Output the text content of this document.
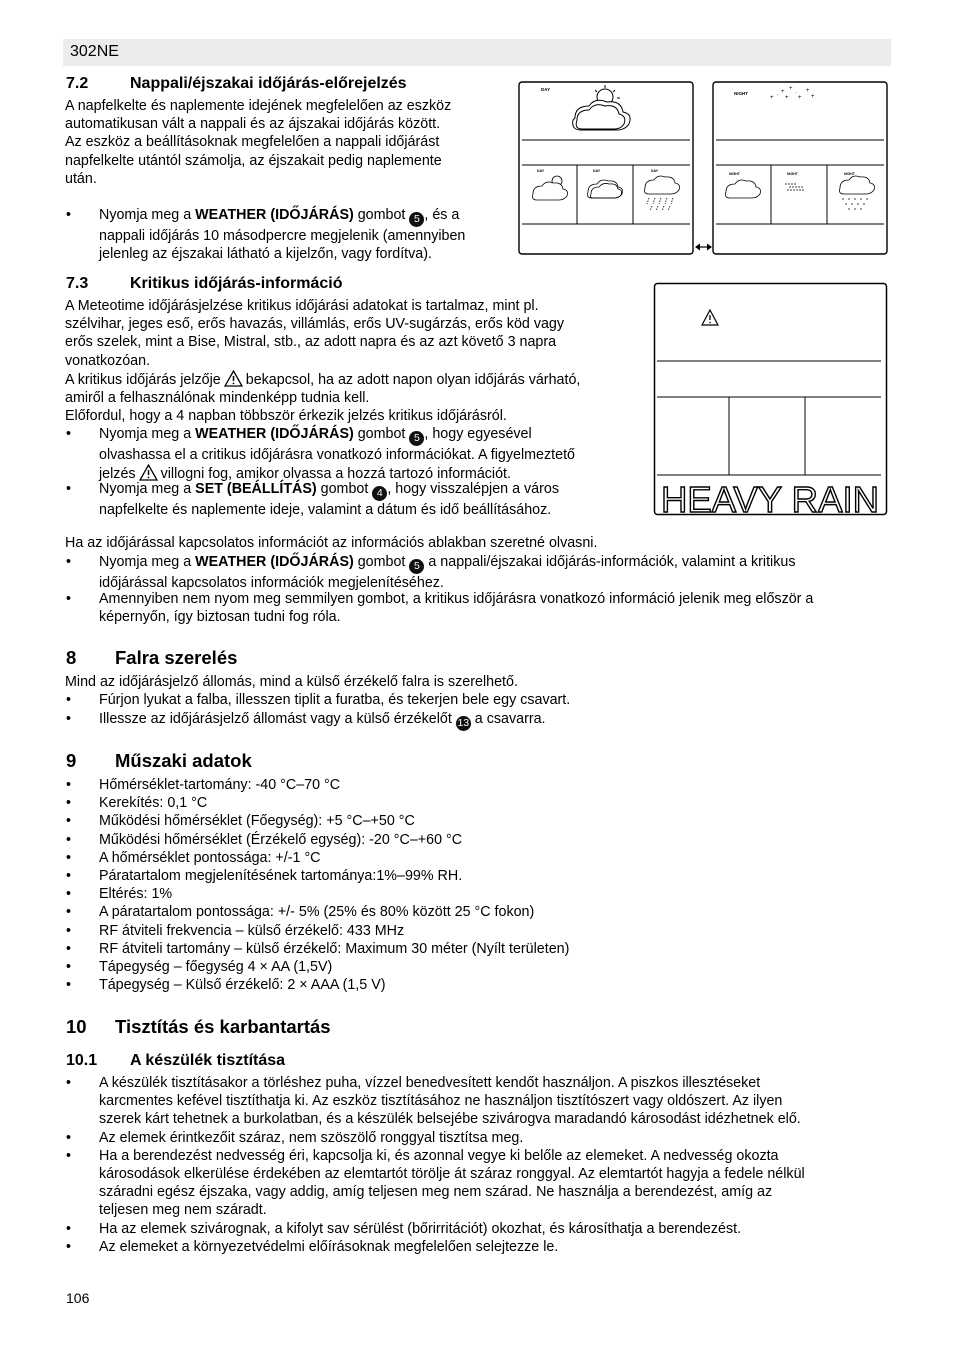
302NE
7.2	Nappali/éjszakai időjárás-előrejelzés
A napfelkelte és naplemente idejének megfelelően az eszköz
automatikusan vált a nappali és az ájszakai időjárás között.
Az eszköz a beállításoknak megfelelően a nappali időjárást
napfelkelte utántól számolja, az éjszakait pedig naplemente
után.
• Nyomja meg a WEATHER (IDŐJÁRÁS) gombot 5 , és a
nappali időjárás 10 másodpercre megjelenik (amennyiben
jelenleg az éjszakai látható a kijelzőn, vagy fordítva).
DAY
DAY	DAY	DAY
NIGHT
+ · + +
·
+
+
+
+
NIGHT	NIGHT	NIGHT
7.3	Kritikus időjárás-információ
A Meteotime időjárásjelzése kritikus időjárási adatokat is tartalmaz, mint pl.
szélvihar, jeges eső, erős havazás, villámlás, erős UV-sugárzás, erős köd vagy
erős szelek, mint a Bise, Mistral, stb., az adott napra és az azt követő 3 napra
vonatkozóan.
A kritikus időjárás jelzője bekapcsol, ha az adott napon olyan időjárás várható,
amiről a felhasználónak mindenképp tudnia kell.
Előfordul, hogy a 4 napban többször érkezik jelzés kritikus időjárásról.
• Nyomja meg a WEATHER (IDŐJÁRÁS) gombot 5 , hogy egyesével
olvashassa el a critikus időjárásra vonatkozó információkat. A figyelmeztető
jelzés villogni fog, amikor olvassa a hozzá tartozó információt.
• Nyomja meg a SET (BEÁLLÍTÁS) gombot 4 , hogy visszalépjen a város
napfelkelte és naplemente ideje, valamint a dátum és idő beállításához.	HEAVY RAIN
Ha az időjárással kapcsolatos információt az információs ablakban szeretné olvasni.
• Nyomja meg a WEATHER (IDŐJÁRÁS) gombot 5 a nappali/éjszakai időjárás-információk, valamint a kritikus
időjárással kapcsolatos információk megjelenítéséhez.
• Amennyiben nem nyom meg semmilyen gombot, a kritikus időjárásra vonatkozó információ jelenik meg először a
képernyőn, így biztosan tudni fog róla.
8 Falra szerelés
Mind az időjárásjelző állomás, mind a külső érzékelő falra is szerelhető.
• Fúrjon lyukat a falba, illesszen tiplit a furatba, és tekerjen bele egy csavart.
• Illessze az időjárásjelző állomást vagy a külső érzékelőt 13 a csavarra.
9 Műszaki adatok
• Hőmérséklet-tartomány: -40 °C–70 °C
• Kerekítés: 0,1 °C
• Működési hőmérséklet (Főegység): +5 °C–+50 °C
• Működési hőmérséklet (Érzékelő egység): -20 °C–+60 °C
• A hőmérséklet pontossága: +/-1 °C
• Páratartalom megjelenítésének tartománya:1%–99% RH.
• Eltérés: 1%
• A páratartalom pontossága: +/- 5% (25% és 80% között 25 °C fokon)
• RF átviteli frekvencia – külső érzékelő: 433 MHz
• RF átviteli tartomány – külső érzékelő: Maximum 30 méter (Nyílt területen)
• Tápegység – főegység 4 × AA (1,5V)
• Tápegység – Külső érzékelő: 2 × AAA (1,5 V)
10 Tisztítás és karbantartás
10.1 A készülék tisztítása
• A készülék tisztításakor a törléshez puha, vízzel benedvesített kendőt használjon. A piszkos illesztéseket
karcmentes kefével tisztíthatja ki. Az eszköz tisztításához ne használjon tisztítószert vagy oldószert. Az ilyen
szerek kárt tehetnek a burkolatban, és a készülék belsejébe szivárogva maradandó károsodást idézhetnek elő.
• Az elemek érintkezőit száraz, nem szöszölő ronggyal tisztítsa meg.
• Ha a berendezést nedvesség éri, kapcsolja ki, és azonnal vegye ki belőle az elemeket. A nedvesség okozta
károsodások elkerülése érdekében az elemtartót törölje át száraz ronggyal. Az elemtartót hagyja a fedele nélkül
száradni egész éjszaka, vagy addig, amíg teljesen meg nem szárad. Ne használja a berendezést, amíg az
teljesen meg nem száradt.
• Ha az elemek szivárognak, a kifolyt sav sérülést (bőrirritációt) okozhat, és károsíthatja a berendezést.
• Az elemeket a környezetvédelmi előírásoknak megfelelően selejtezze le.
106
